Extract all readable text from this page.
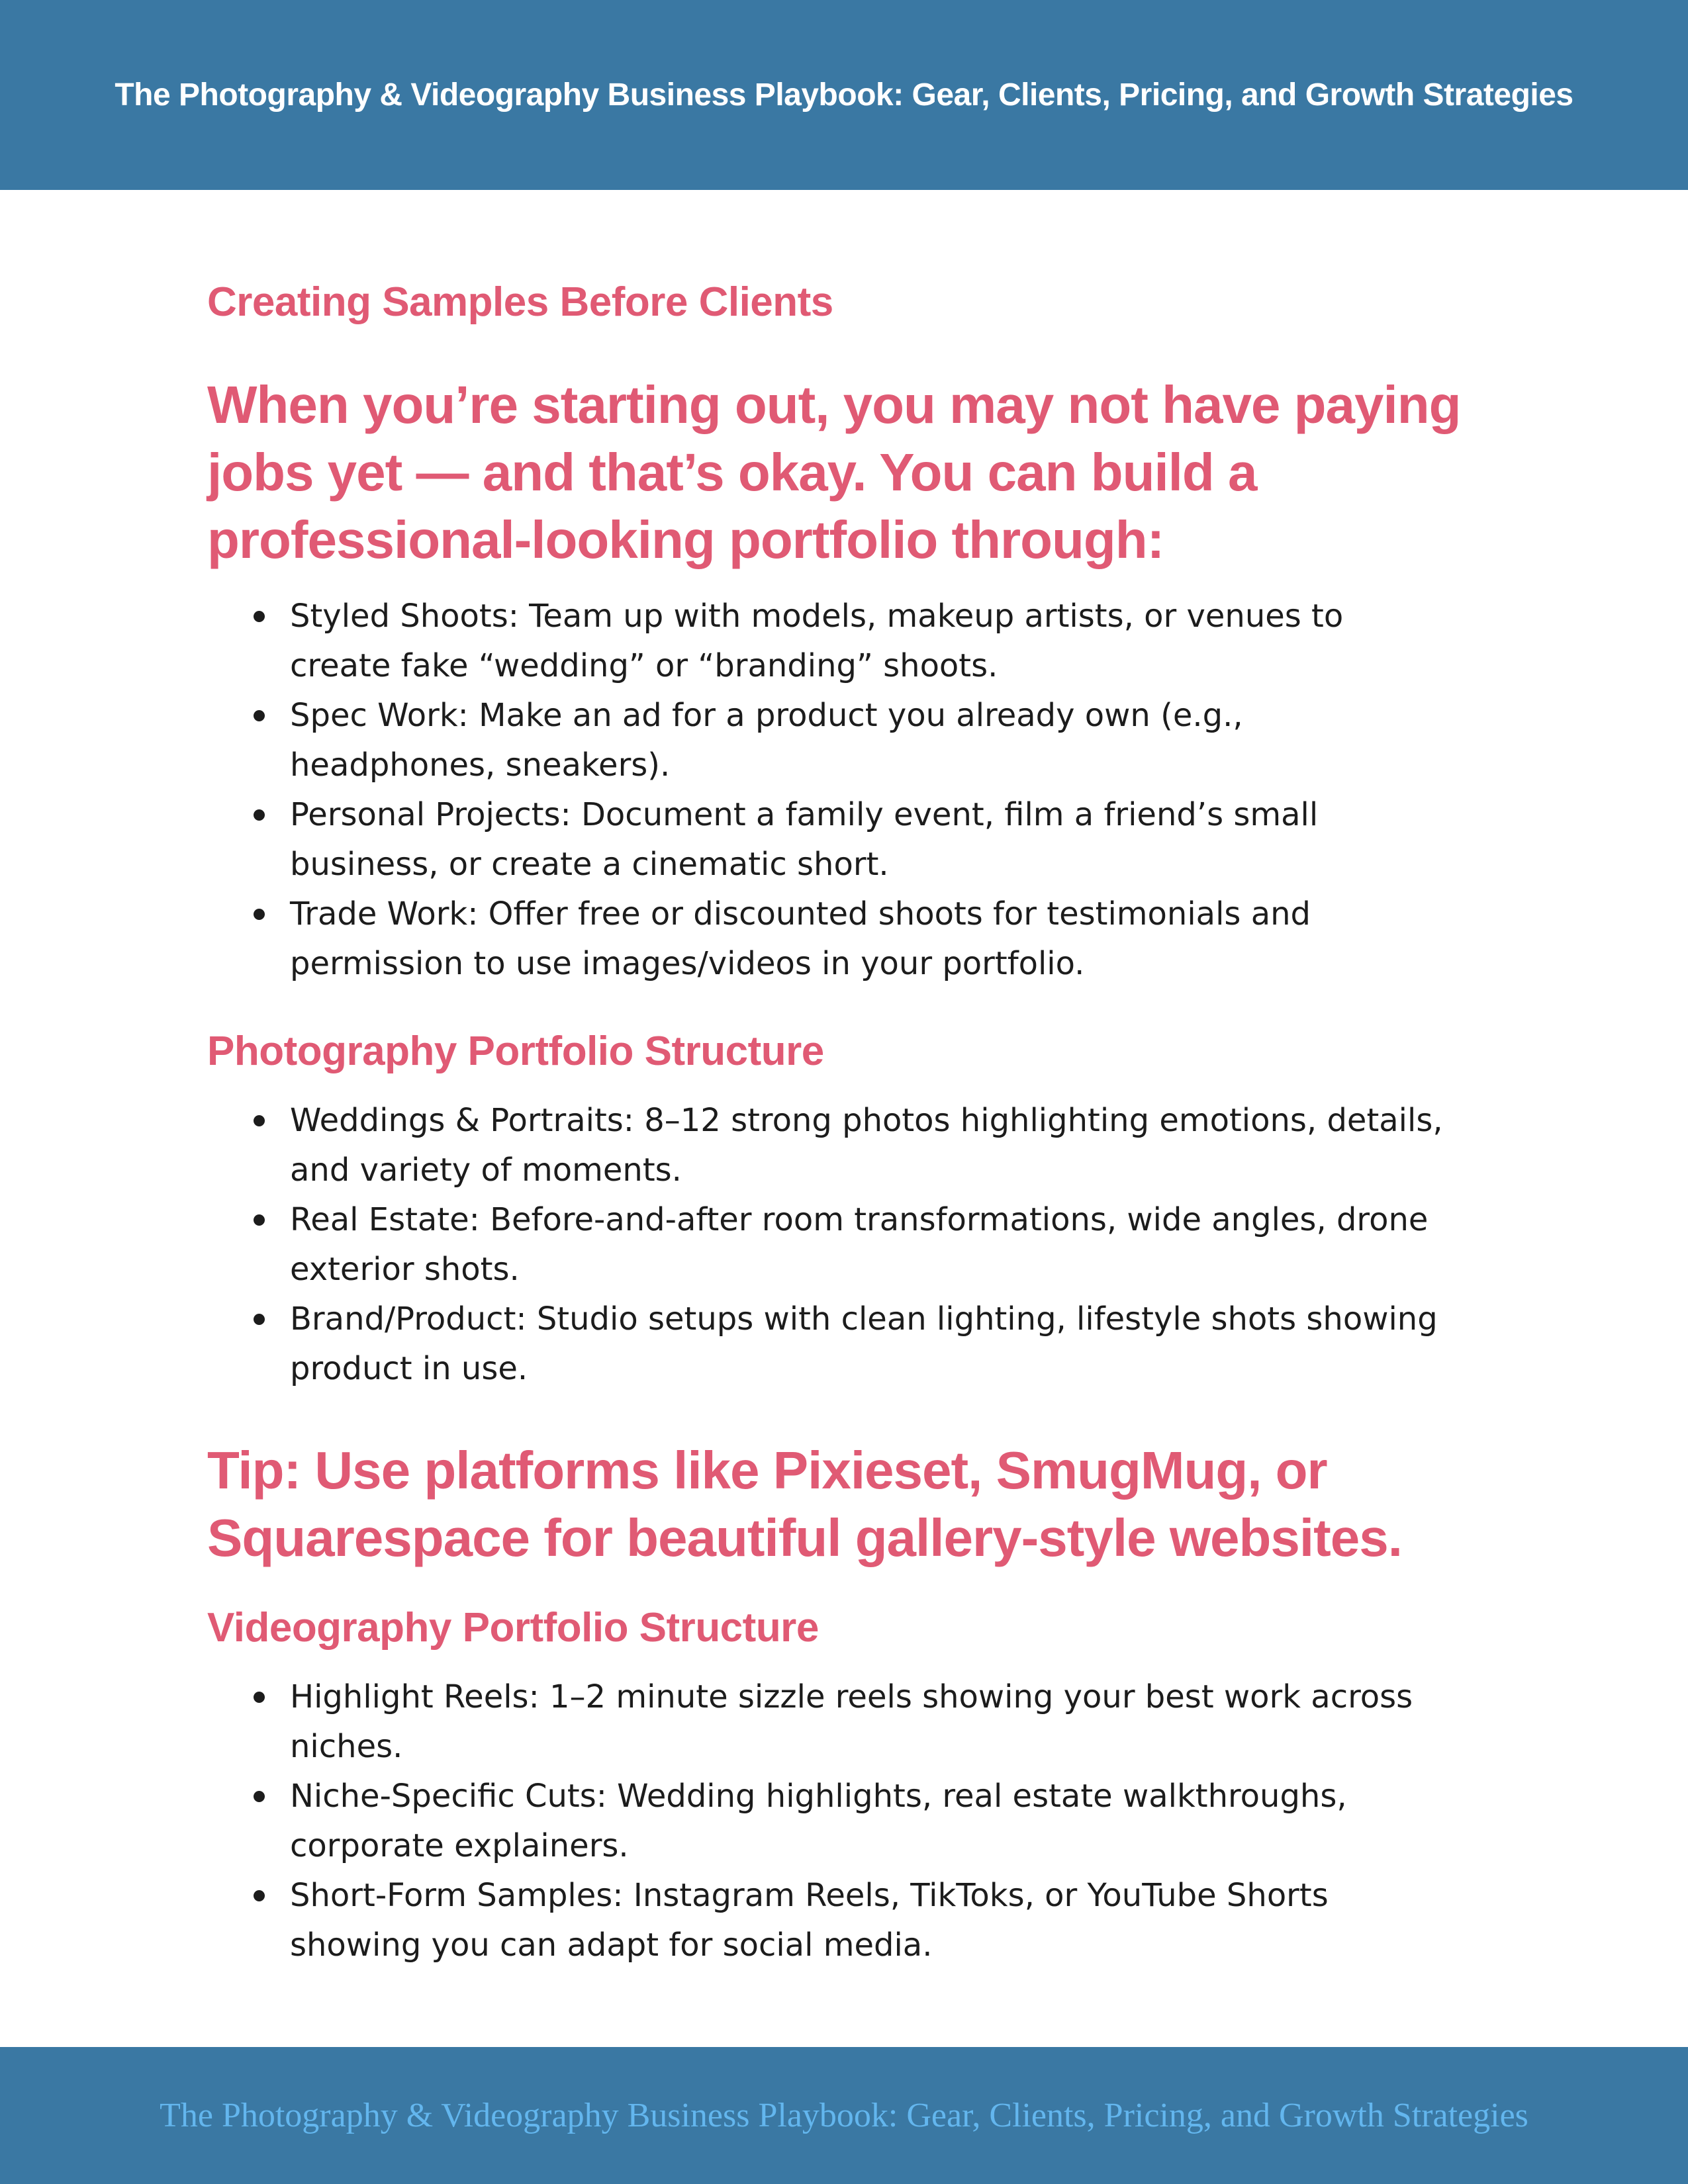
The Photography & Videography Business Playbook: Gear, Clients, Pricing, and Growth Strategies
Creating Samples Before Clients
When you’re starting out, you may not have paying
jobs yet — and that’s okay. You can build a
professional-looking portfolio through:
Styled Shoots: Team up with models, makeup artists, or venues to
create fake “wedding” or “branding” shoots.
Spec Work: Make an ad for a product you already own (e.g.,
headphones, sneakers).
Personal Projects: Document a family event, film a friend’s small
business, or create a cinematic short.
Trade Work: Offer free or discounted shoots for testimonials and
permission to use images/videos in your portfolio.
Photography Portfolio Structure
Weddings & Portraits: 8–12 strong photos highlighting emotions, details,
and variety of moments.
Real Estate: Before-and-after room transformations, wide angles, drone
exterior shots.
Brand/Product: Studio setups with clean lighting, lifestyle shots showing
product in use.
Tip: Use platforms like Pixieset, SmugMug, or
Squarespace for beautiful gallery-style websites.
Videography Portfolio Structure
Highlight Reels: 1–2 minute sizzle reels showing your best work across
niches.
Niche-Specific Cuts: Wedding highlights, real estate walkthroughs,
corporate explainers.
Short-Form Samples: Instagram Reels, TikToks, or YouTube Shorts
showing you can adapt for social media.
The Photography & Videography Business Playbook: Gear, Clients, Pricing, and Growth Strategies
